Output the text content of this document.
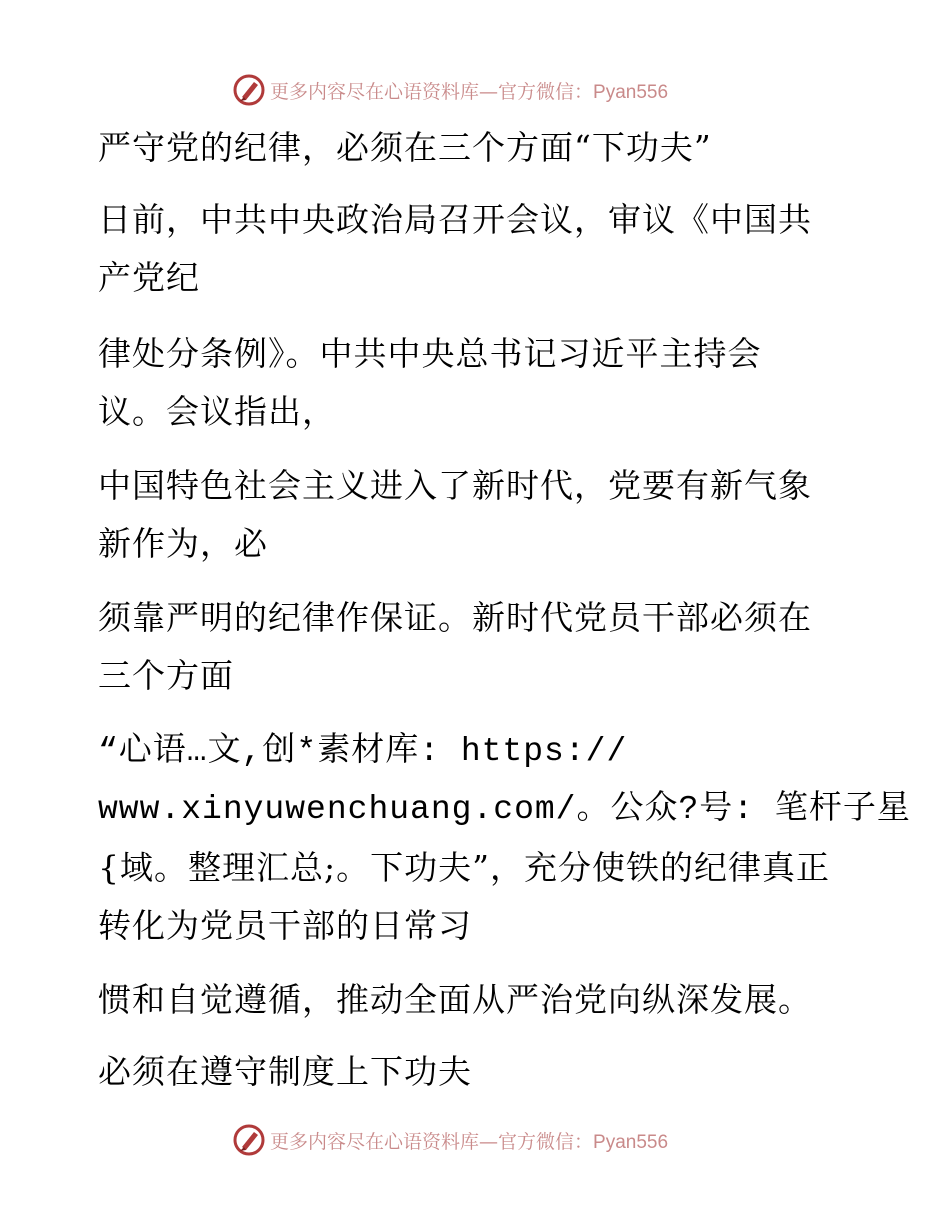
更多内容尽在心语资料库—官方微信：Pyan556
严守党的纪律，必须在三个方面“下功夫”
日前，中共中央政治局召开会议，审议《中国共
产党纪
律处分条例》。中共中央总书记习近平主持会
议。会议指出，
中国特色社会主义进入了新时代，党要有新气象
新作为，必
须靠严明的纪律作保证。新时代党员干部必须在
三个方面
“心语…文,创*素材库: https://
www.xinyuwenchuang.com/。公众?号: 笔杆子星
{域。整理汇总;。下功夫”，充分使铁的纪律真正
转化为党员干部的日常习
惯和自觉遵循，推动全面从严治党向纵深发展。
必须在遵守制度上下功夫
更多内容尽在心语资料库—官方微信：Pyan556
